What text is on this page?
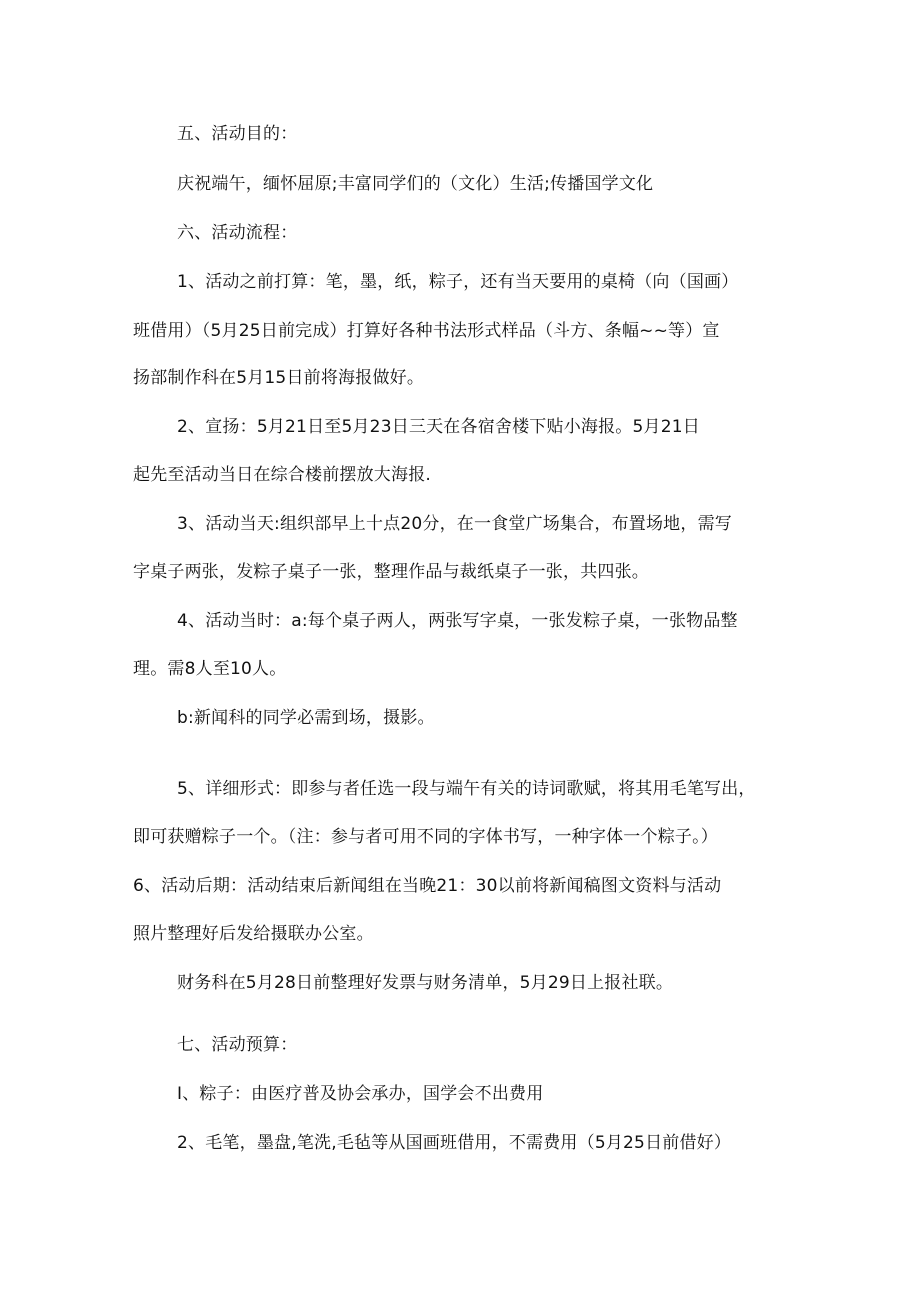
五、活动目的：
庆祝端午，缅怀屈原;丰富同学们的（文化）生活;传播国学文化
六、活动流程：
1、活动之前打算：笔，墨，纸，粽子，还有当天要用的桌椅（向（国画）
班借用）（5月25日前完成）打算好各种书法形式样品（斗方、条幅~~等）宣
扬部制作科在5月15日前将海报做好。
2、宣扬：5月21日至5月23日三天在各宿舍楼下贴小海报。5月21日
起先至活动当日在综合楼前摆放大海报.
3、活动当天:组织部早上十点20分，在一食堂广场集合，布置场地，需写
字桌子两张，发粽子桌子一张，整理作品与裁纸桌子一张，共四张。
4、活动当时：a:每个桌子两人，两张写字桌，一张发粽子桌，一张物品整
理。需8人至10人。
b:新闻科的同学必需到场，摄影。
5、详细形式：即参与者任选一段与端午有关的诗词歌赋，将其用毛笔写出，
即可获赠粽子一个。（注：参与者可用不同的字体书写，一种字体一个粽子。）
6、活动后期：活动结束后新闻组在当晚21：30以前将新闻稿图文资料与活动
照片整理好后发给摄联办公室。
财务科在5月28日前整理好发票与财务清单，5月29日上报社联。
七、活动预算：
I、粽子：由医疗普及协会承办，国学会不出费用
2、毛笔，墨盘,笔洗,毛毡等从国画班借用，不需费用（5月25日前借好）
